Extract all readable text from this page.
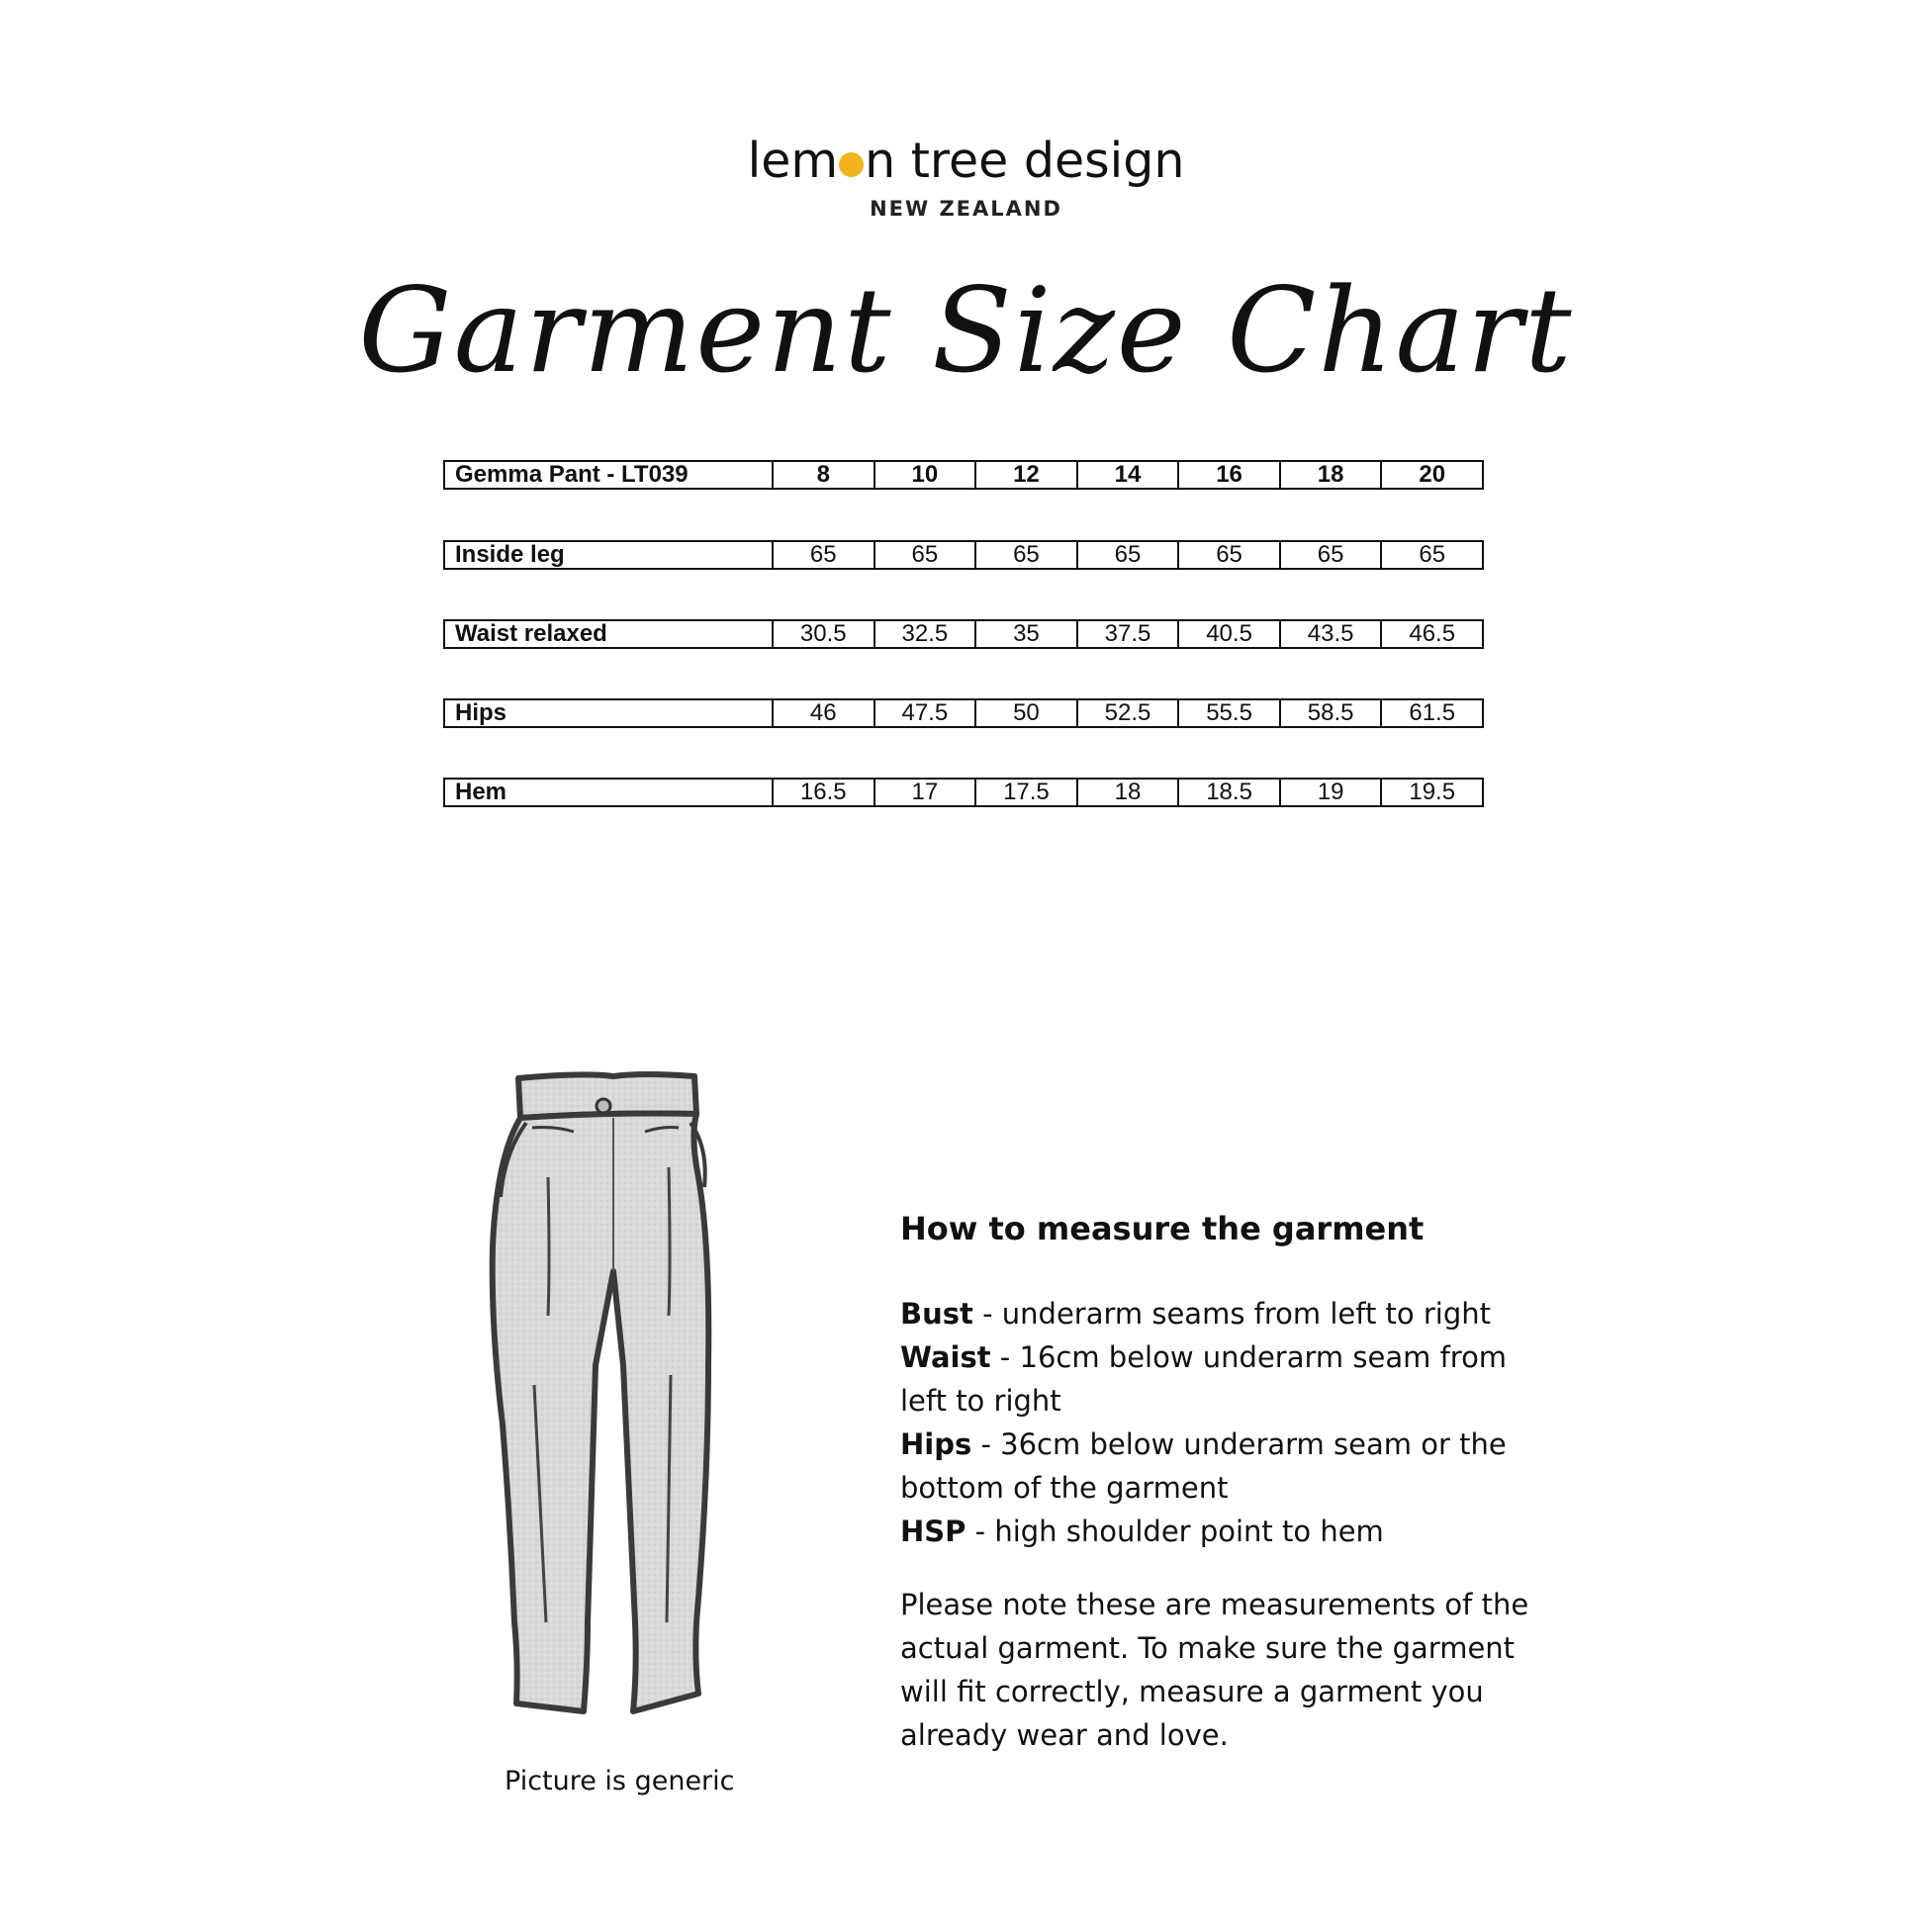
lem n tree design
NEW ZEALAND
Garment Size Chart
Gemma Pant - LT039	8	10	12	14	16	18	20
Inside leg	65	65	65	65	65	65	65
Waist relaxed	30.5	32.5	35	37.5	40.5	43.5	46.5
Hips	46	47.5	50	52.5	55.5	58.5	61.5
Hem	16.5	17	17.5	18	18.5	19	19.5
Picture is generic
How to measure the garment

Bust - underarm seams from left to right

Waist - 16cm below underarm seam from left to right

Hips - 36cm below underarm seam or the bottom of the garment

HSP - high shoulder point to hem

Please note these are measurements of the actual garment. To make sure the garment will fit correctly, measure a garment you already wear and love.
